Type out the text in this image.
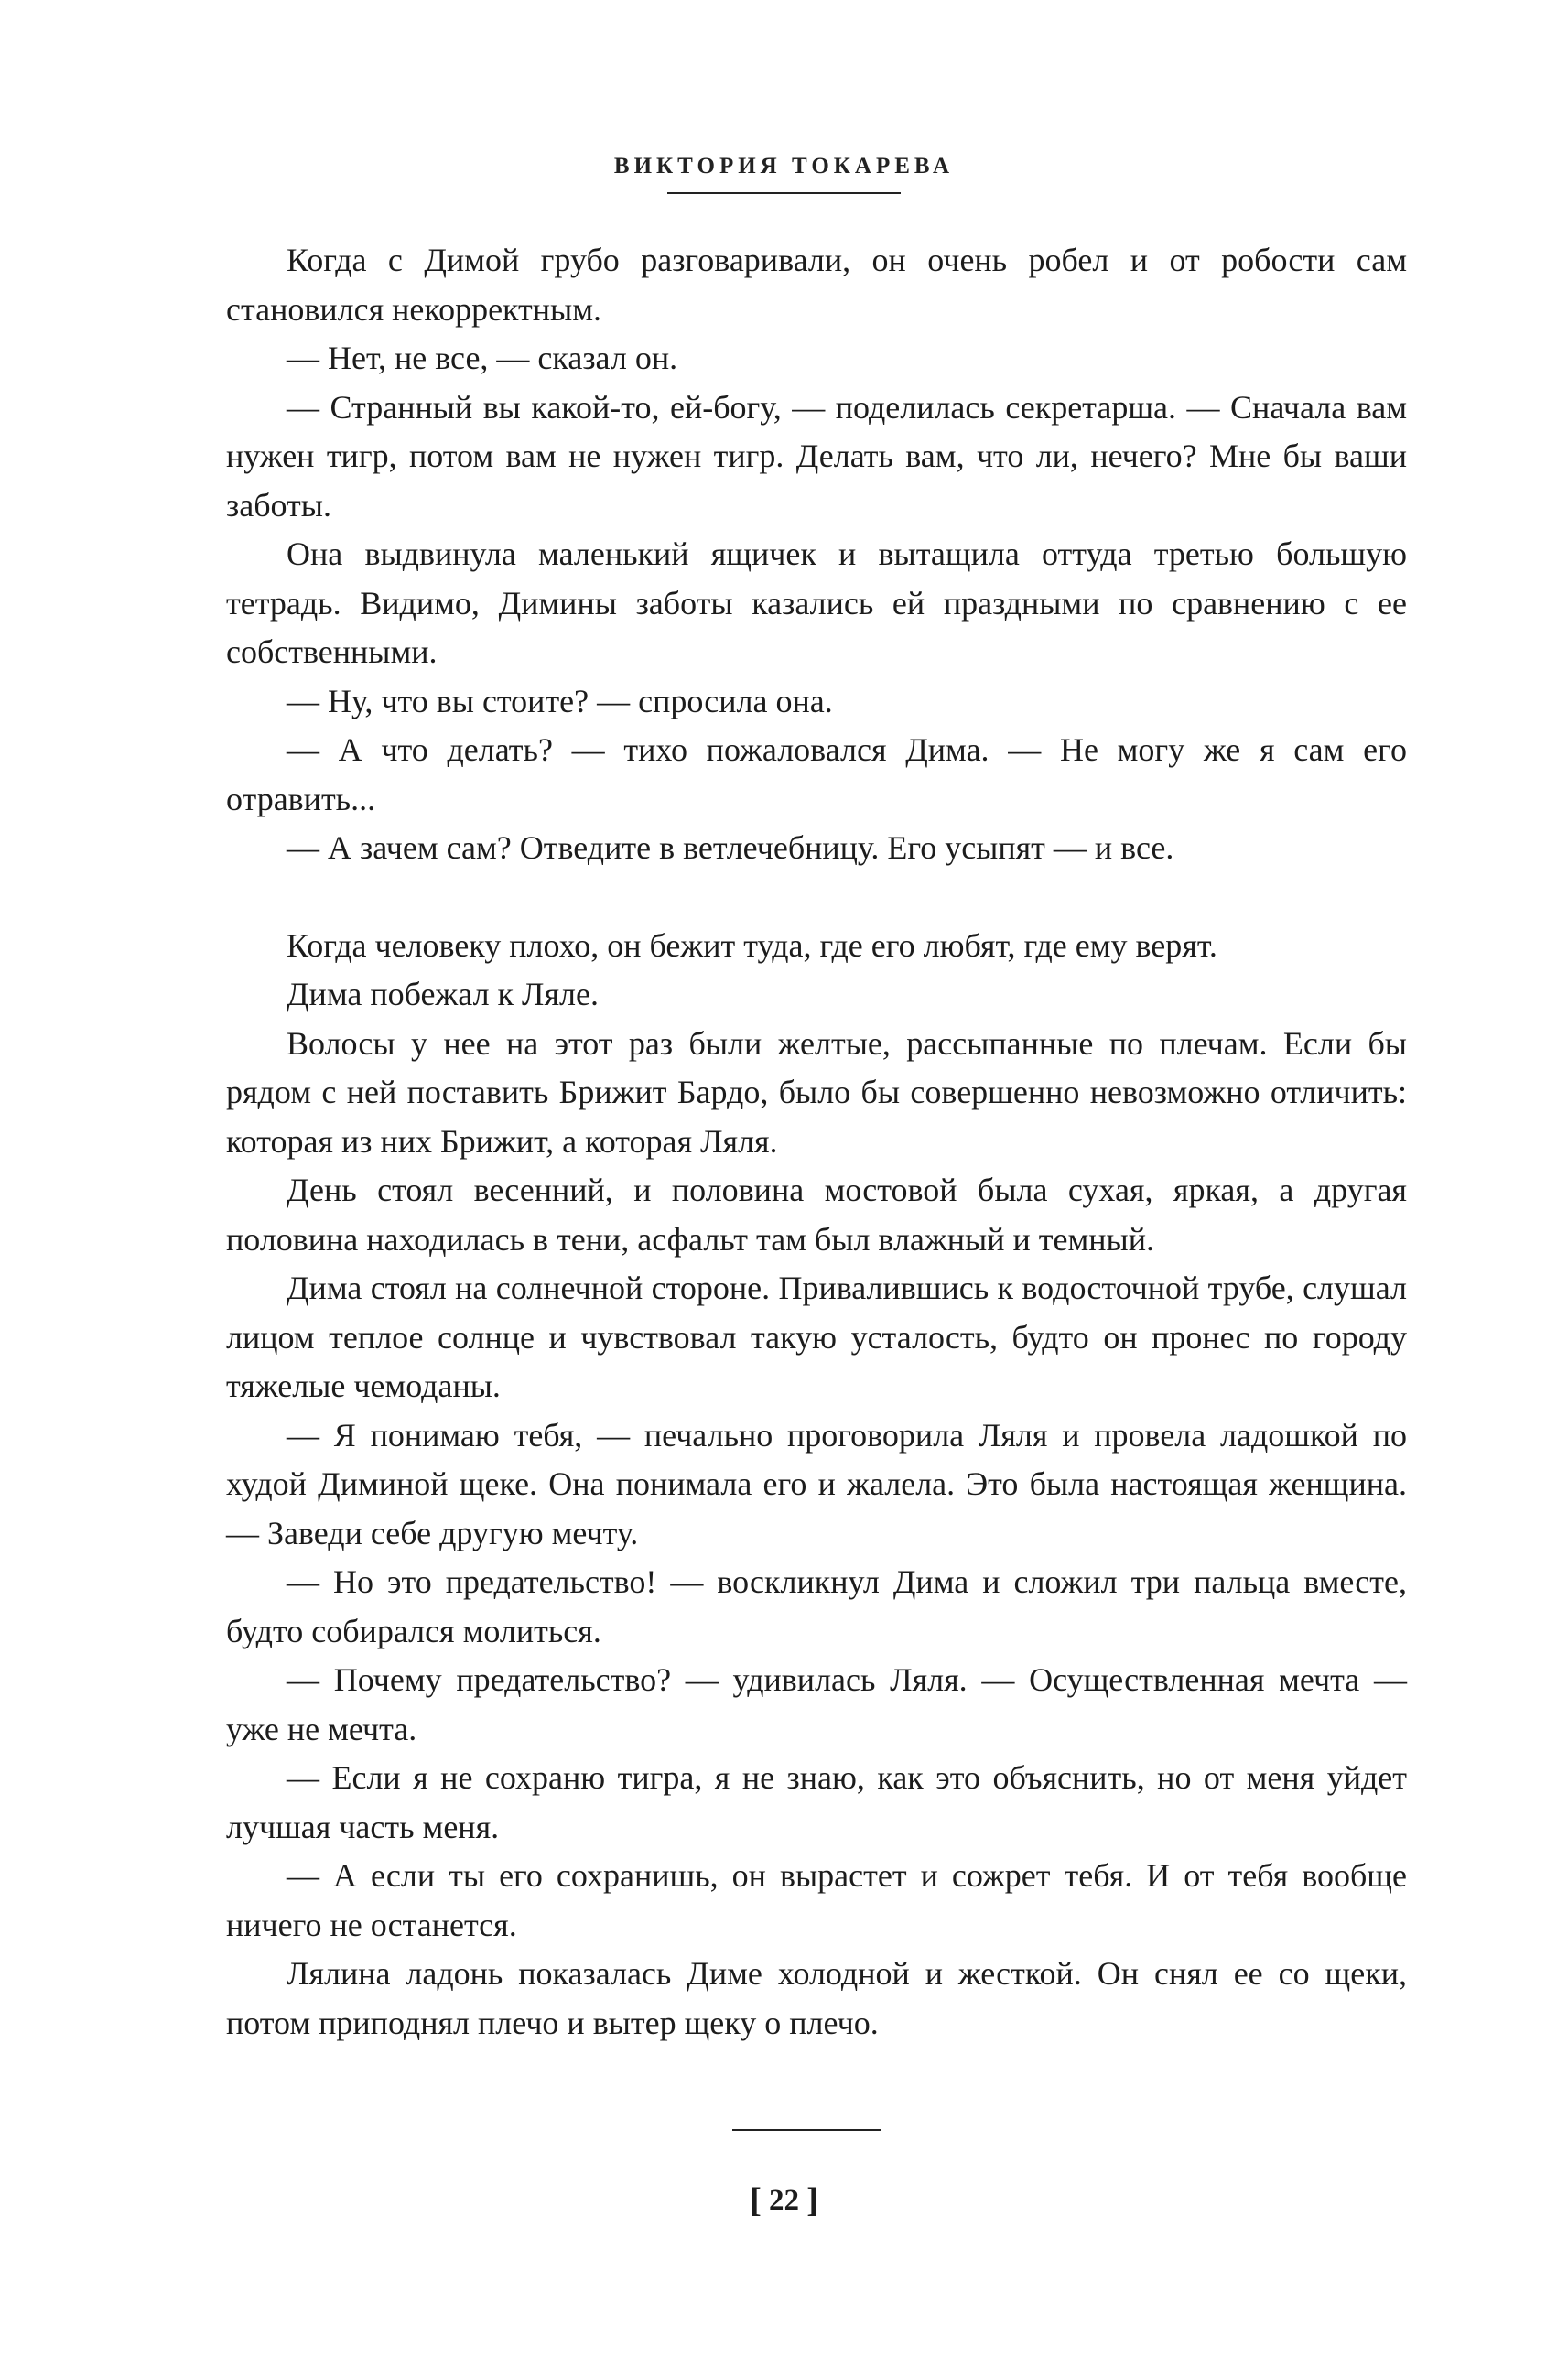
ВИКТОРИЯ ТОКАРЕВА

Когда с Димой грубо разговаривали, он очень робел и от робости сам становился некорректным.

— Нет, не все, — сказал он.

— Странный вы какой-то, ей-богу, — поделилась секретарша. — Сначала вам нужен тигр, потом вам не нужен тигр. Делать вам, что ли, нечего? Мне бы ваши заботы.

Она выдвинула маленький ящичек и вытащила оттуда третью большую тетрадь. Видимо, Димины заботы казались ей праздными по сравнению с ее собственными.

— Ну, что вы стоите? — спросила она.

— А что делать? — тихо пожаловался Дима. — Не могу же я сам его отравить...

— А зачем сам? Отведите в ветлечебницу. Его усыпят — и все.

Когда человеку плохо, он бежит туда, где его любят, где ему верят.

Дима побежал к Ляле.

Волосы у нее на этот раз были желтые, рассыпанные по плечам. Если бы рядом с ней поставить Брижит Бардо, было бы совершенно невозможно отличить: которая из них Брижит, а которая Ляля.

День стоял весенний, и половина мостовой была сухая, яркая, а другая половина находилась в тени, асфальт там был влажный и темный.

Дима стоял на солнечной стороне. Привалившись к водосточной трубе, слушал лицом теплое солнце и чувствовал такую усталость, будто он пронес по городу тяжелые чемоданы.

— Я понимаю тебя, — печально проговорила Ляля и провела ладошкой по худой Диминой щеке. Она понимала его и жалела. Это была настоящая женщина. — Заведи себе другую мечту.

— Но это предательство! — воскликнул Дима и сложил три пальца вместе, будто собирался молиться.

— Почему предательство? — удивилась Ляля. — Осуществленная мечта — уже не мечта.

— Если я не сохраню тигра, я не знаю, как это объяснить, но от меня уйдет лучшая часть меня.

— А если ты его сохранишь, он вырастет и сожрет тебя. И от тебя вообще ничего не останется.

Лялина ладонь показалась Диме холодной и жесткой. Он снял ее со щеки, потом приподнял плечо и вытер щеку о плечо.

[ 22 ]
